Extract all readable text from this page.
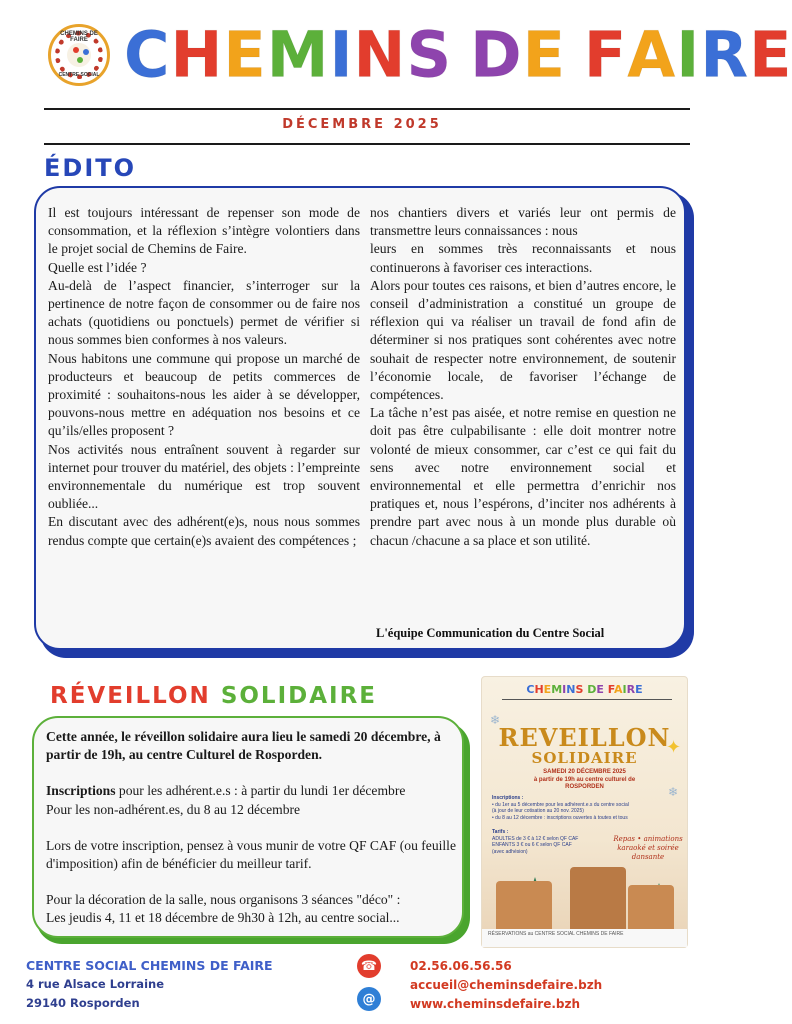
CHEMINS DE FAIRE
CENTRE SOCIAL C H E M I N S
D E
F A I R E
DÉCEMBRE 2025
ÉDITO

Il est toujours intéressant de repenser son mode de consommation, et la réflexion s’intègre volontiers dans le projet social de Chemins de Faire.

Quelle est l’idée ?

Au-delà de l’aspect financier, s’interroger sur la pertinence de notre façon de consommer ou de faire nos achats (quotidiens ou ponctuels) permet de vérifier si nous sommes bien conformes à nos valeurs.

Nous habitons une commune qui propose un marché de producteurs et beaucoup de petits commerces de proximité : souhaitons-nous les aider à se développer, pouvons-nous mettre en adéquation nos besoins et ce qu’ils/elles proposent ?

Nos activités nous entraînent souvent à regarder sur internet pour trouver du matériel, des objets : l’empreinte environnementale du numérique est trop souvent oubliée...

En discutant avec des adhérent(e)s, nous nous sommes rendus compte que certain(e)s avaient des compétences ;

nos chantiers divers et variés leur ont permis de transmettre leurs connaissances : nous

leurs en sommes très reconnaissants et nous continuerons à favoriser ces interactions.

Alors pour toutes ces raisons, et bien d’autres encore, le conseil d’administration a constitué un groupe de réflexion qui va réaliser un travail de fond afin de déterminer si nos pratiques sont cohérentes avec notre souhait de respecter notre environnement, de soutenir l’économie locale, de favoriser l’échange de compétences.

La tâche n’est pas aisée, et notre remise en question ne doit pas être culpabilisante : elle doit montrer notre volonté de mieux consommer, car c’est ce qui fait du sens avec notre environnement social et environnemental et elle permettra d’enrichir nos pratiques et, nous l’espérons, d’inciter nos adhérents à prendre part avec nous à un monde plus durable où chacun /chacune a sa place et son utilité.

L'équipe Communication du Centre Social
RÉVEILLON SOLIDAIRE

Cette année, le réveillon solidaire aura lieu le samedi 20 décembre, à partir de 19h, au centre Culturel de Rosporden.

Inscriptions pour les adhérent.e.s : à partir du lundi 1er décembre

Pour les non-adhérent.es, du 8 au 12 décembre

Lors de votre inscription, pensez à vous munir de votre QF CAF (ou feuille d'imposition) afin de bénéficier du meilleur tarif.

Pour la décoration de la salle, nous organisons 3 séances "déco" :

Les jeudis 4, 11 et 18 décembre de 9h30 à 12h, au centre social...

CHEMINS DE FAIRE
REVEILLON
SOLIDAIRE
SAMEDI 20 DÉCEMBRE 2025
à partir de 19h au centre culturel de
ROSPORDEN
Inscriptions :
• du 1er au 5 décembre pour les adhérent.e.s du centre social
(à jour de leur cotisation au 20 nov. 2025)
• du 8 au 12 décembre : inscriptions ouvertes à toutes et tous
Tarifs :
ADULTES de 3 € à 12 € selon QF CAF
ENFANTS 3 € ou 6 € selon QF CAF
(avec adhésion)
Repas • animations karaoké et soirée dansante
❄
❄
✦
RÉSERVATIONS au CENTRE SOCIAL CHEMINS DE FAIRE
CENTRE SOCIAL CHEMINS DE FAIRE
4 rue Alsace Lorraine
29140 Rosporden
☎
@
02.56.06.56.56
accueil@cheminsdefaire.bzh
www.cheminsdefaire.bzh
